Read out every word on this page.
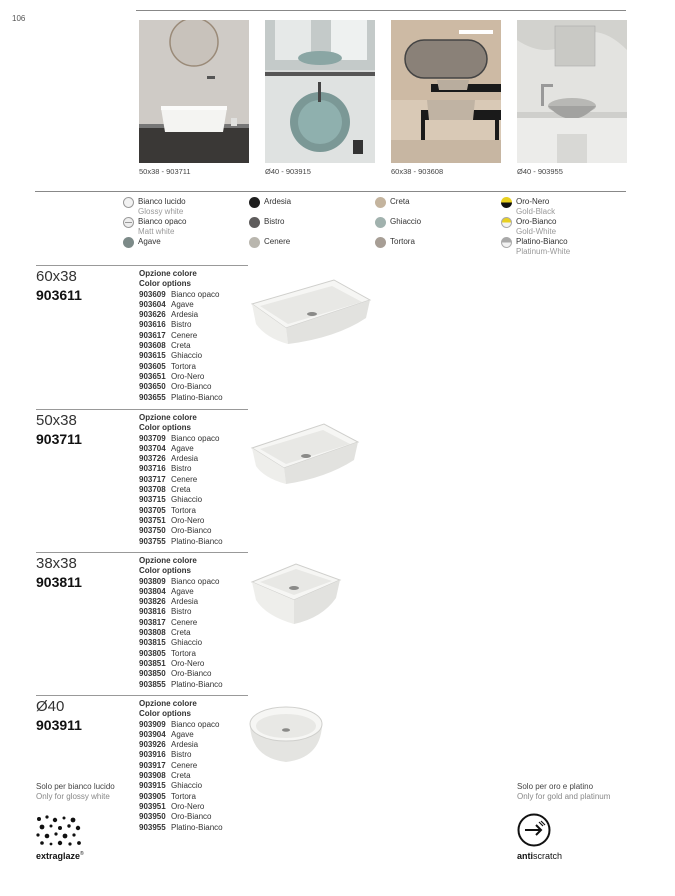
106
50x38 - 903711	Ø40 - 903915	60x38 - 903608	Ø40 - 903955
Bianco lucido
Glossy white
Bianco opaco
Matt white
Agave
Ardesia
Bistro
Cenere
Creta
Ghiaccio
Tortora
Oro-Nero
Gold-Black
Oro-Bianco
Gold-White
Platino-Bianco
Platinum-White
60x38
903611
Opzione colore
Color options
903609 Bianco opaco
903604 Agave
903626 Ardesia
903616 Bistro
903617 Cenere
903608 Creta
903615 Ghiaccio
903605 Tortora
903651 Oro-Nero
903650 Oro-Bianco
903655 Platino-Bianco
50x38
903711
Opzione colore
Color options
903709 Bianco opaco
903704 Agave
903726 Ardesia
903716 Bistro
903717 Cenere
903708 Creta
903715 Ghiaccio
903705 Tortora
903751 Oro-Nero
903750 Oro-Bianco
903755 Platino-Bianco
38x38
903811
Opzione colore
Color options
903809 Bianco opaco
903804 Agave
903826 Ardesia
903816 Bistro
903817 Cenere
903808 Creta
903815 Ghiaccio
903805 Tortora
903851 Oro-Nero
903850 Oro-Bianco
903855 Platino-Bianco
Ø40
903911
Opzione colore
Color options
903909 Bianco opaco
903904 Agave
903926 Ardesia
903916 Bistro
903917 Cenere
903908 Creta
903915 Ghiaccio
903905 Tortora
903951 Oro-Nero
903950 Oro-Bianco
903955 Platino-Bianco
Solo per bianco lucido
Only for glossy white
Solo per oro e platino
Only for gold and platinum
extraglaze®	antiscratch
